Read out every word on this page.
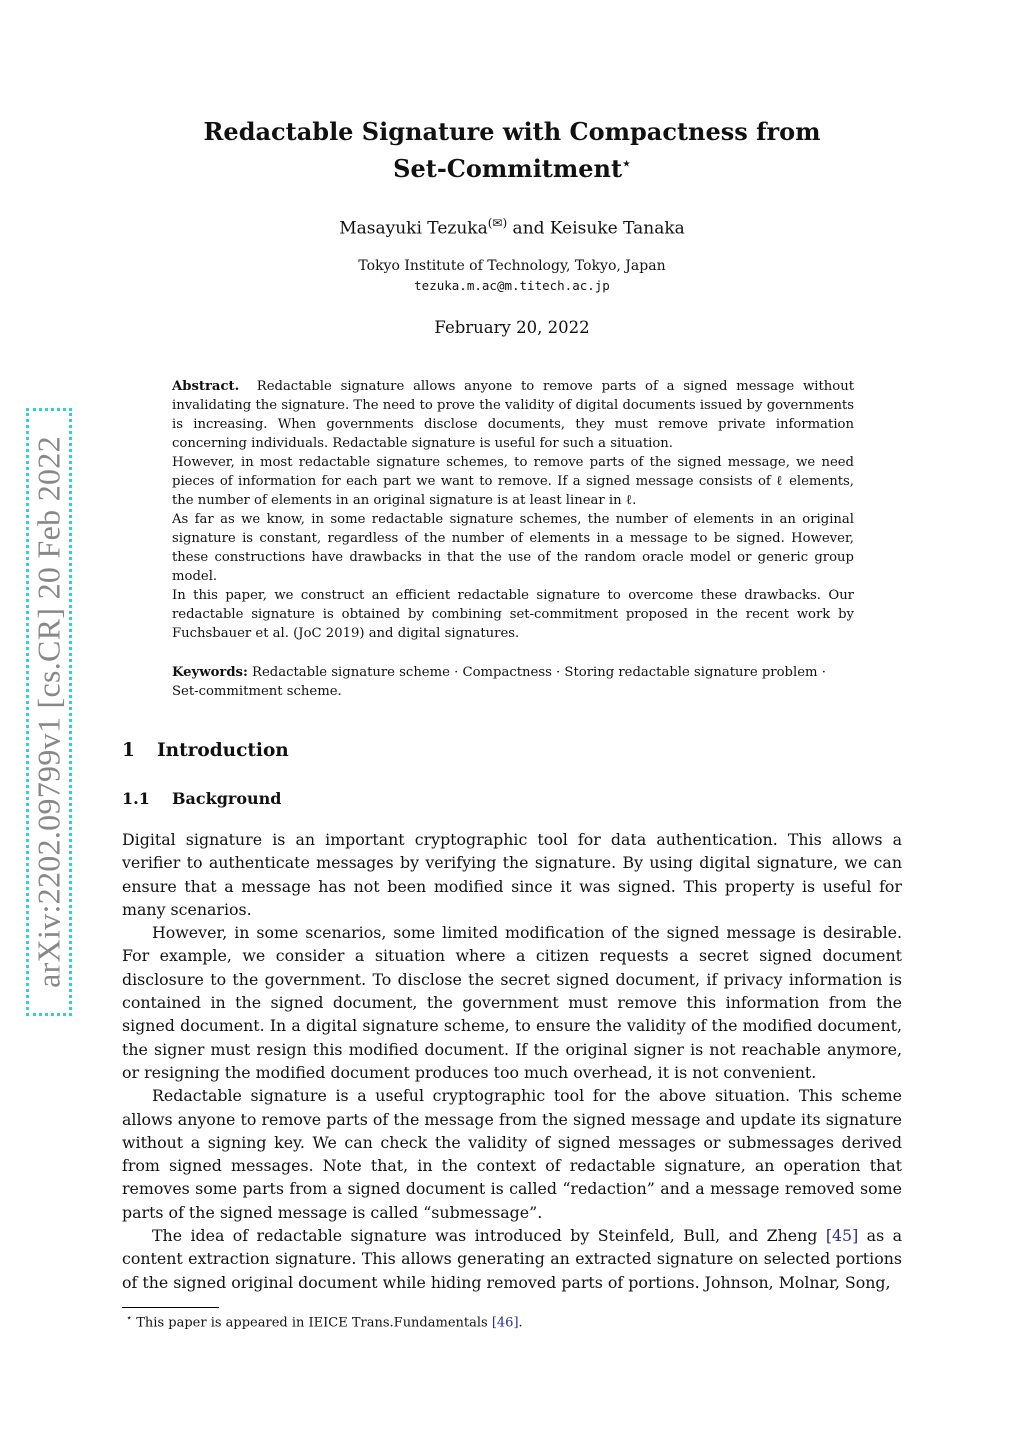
arXiv:2202.09799v1 [cs.CR] 20 Feb 2022
Redactable Signature with Compactness from
Set-Commitment⋆
Masayuki Tezuka(✉) and Keisuke Tanaka
Tokyo Institute of Technology, Tokyo, Japan
tezuka.m.ac@m.titech.ac.jp
February 20, 2022

Abstract. Redactable signature allows anyone to remove parts of a signed message without invalidating the signature. The need to prove the validity of digital documents issued by governments is increasing. When governments disclose documents, they must remove private information concerning individuals. Redactable signature is useful for such a situation.

However, in most redactable signature schemes, to remove parts of the signed message, we need pieces of information for each part we want to remove. If a signed message consists of ℓ elements, the number of elements in an original signature is at least linear in ℓ.

As far as we know, in some redactable signature schemes, the number of elements in an original signature is constant, regardless of the number of elements in a message to be signed. However, these constructions have drawbacks in that the use of the random oracle model or generic group model.

In this paper, we construct an efficient redactable signature to overcome these drawbacks. Our redactable signature is obtained by combining set-commitment proposed in the recent work by Fuchsbauer et al. (JoC 2019) and digital signatures.

Keywords: Redactable signature scheme · Compactness · Storing redactable signature problem · Set-commitment scheme.
1 Introduction
1.1 Background

Digital signature is an important cryptographic tool for data authentication. This allows a verifier to authenticate messages by verifying the signature. By using digital signature, we can ensure that a message has not been modified since it was signed. This property is useful for many scenarios.

However, in some scenarios, some limited modification of the signed message is desirable. For example, we consider a situation where a citizen requests a secret signed document disclosure to the government. To disclose the secret signed document, if privacy information is contained in the signed document, the government must remove this information from the signed document. In a digital signature scheme, to ensure the validity of the modified document, the signer must resign this modified document. If the original signer is not reachable anymore, or resigning the modified document produces too much overhead, it is not convenient.

Redactable signature is a useful cryptographic tool for the above situation. This scheme allows anyone to remove parts of the message from the signed message and update its signature without a signing key. We can check the validity of signed messages or submessages derived from signed messages. Note that, in the context of redactable signature, an operation that removes some parts from a signed document is called “redaction” and a message removed some parts of the signed message is called “submessage”.

The idea of redactable signature was introduced by Steinfeld, Bull, and Zheng [45] as a content extraction signature. This allows generating an extracted signature on selected portions of the signed original document while hiding removed parts of portions. Johnson, Molnar, Song,

⋆ This paper is appeared in IEICE Trans.Fundamentals [46].
